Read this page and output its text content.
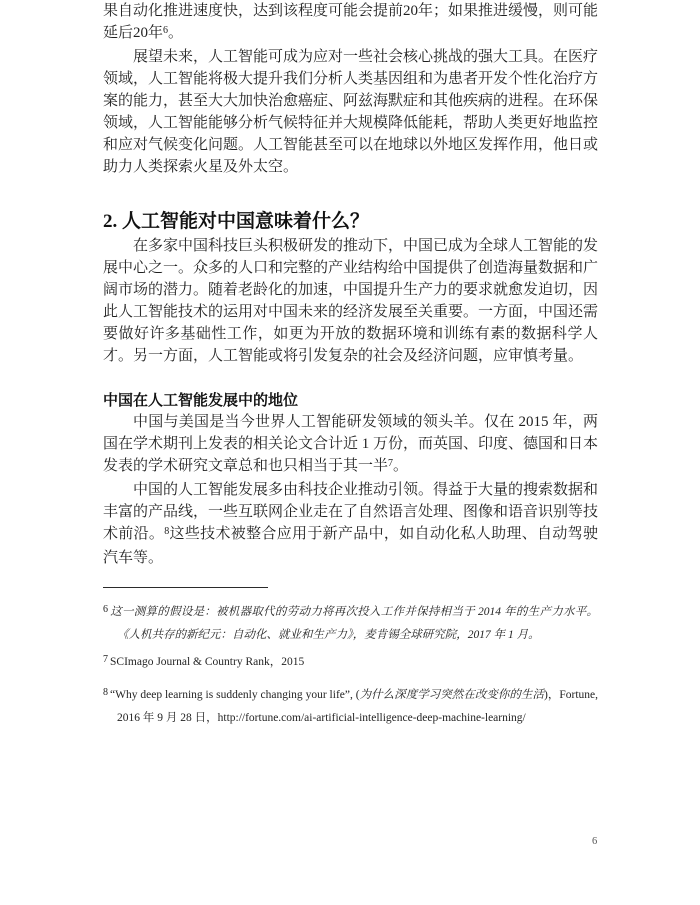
果自动化推进速度快，达到该程度可能会提前20年；如果推进缓慢，则可能延后20年$^6$。

展望未来，人工智能可成为应对一些社会核心挑战的强大工具。在医疗领域，人工智能将极大提升我们分析人类基因组和为患者开发个性化治疗方案的能力，甚至大大加快治愈癌症、阿兹海默症和其他疾病的进程。在环保领域，人工智能能够分析气候特征并大规模降低能耗，帮助人类更好地监控和应对气候变化问题。人工智能甚至可以在地球以外地区发挥作用，他日或助力人类探索火星及外太空。

2. 人工智能对中国意味着什么？

在多家中国科技巨头积极研发的推动下，中国已成为全球人工智能的发展中心之一。众多的人口和完整的产业结构给中国提供了创造海量数据和广阔市场的潜力。随着老龄化的加速，中国提升生产力的要求就愈发迫切，因此人工智能技术的运用对中国未来的经济发展至关重要。一方面，中国还需要做好许多基础性工作，如更为开放的数据环境和训练有素的数据科学人才。另一方面，人工智能或将引发复杂的社会及经济问题，应审慎考量。

中国在人工智能发展中的地位

中国与美国是当今世界人工智能研发领域的领头羊。仅在 2015 年，两国在学术期刊上发表的相关论文合计近 1 万份，而英国、印度、德国和日本发表的学术研究文章总和也只相当于其一半$^7$。

中国的人工智能发展多由科技企业推动引领。得益于大量的搜索数据和丰富的产品线，一些互联网企业走在了自然语言处理、图像和语音识别等技术前沿。$^8$这些技术被整合应用于新产品中，如自动化私人助理、自动驾驶汽车等。

6 这一测算的假设是：被机器取代的劳动力将再次投入工作并保持相当于 2014 年的生产力水平。《人机共存的新纪元：自动化、就业和生产力》，麦肯锡全球研究院，2017 年 1 月。
7 SCImago Journal & Country Rank，2015
8 “Why deep learning is suddenly changing your life”, (为什么深度学习突然在改变你的生活)，Fortune, 2016 年 9 月 28 日，http://fortune.com/ai-artificial-intelligence-deep-machine-learning/
6
